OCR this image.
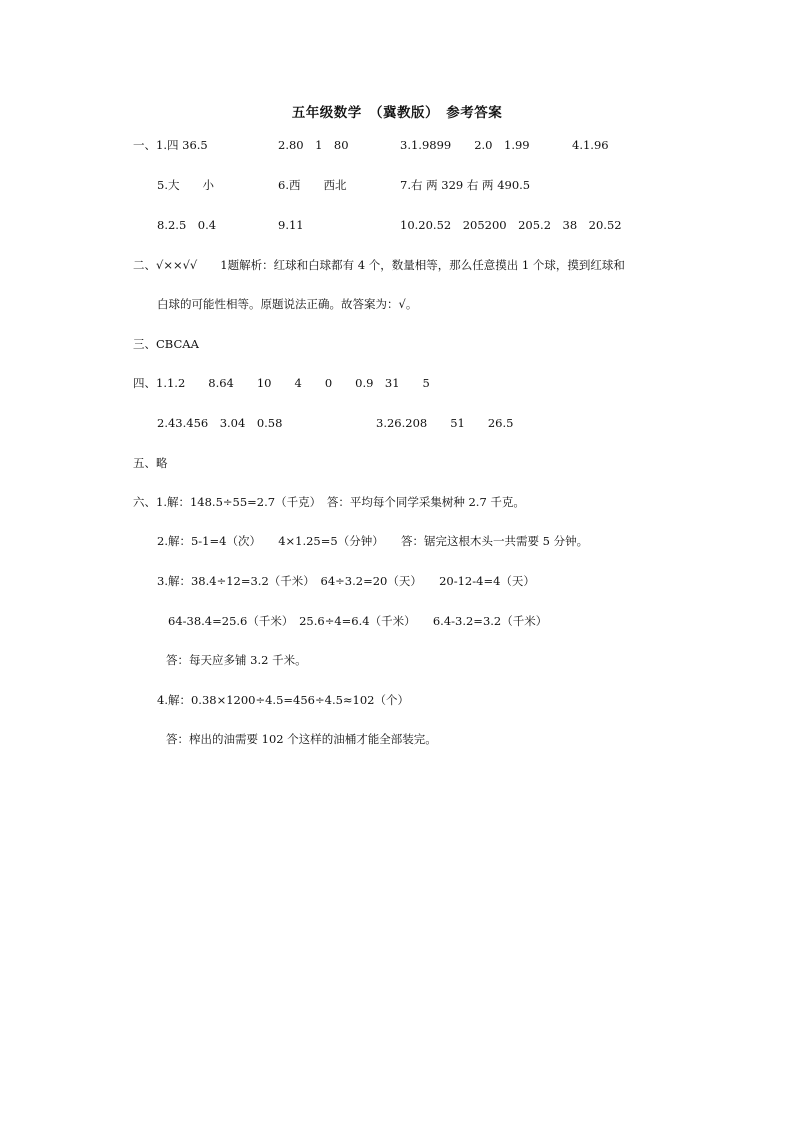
五年级数学　（冀教版）　参考答案
一、1.四 36.5	2.80　1　80	3.1.9899　　2.0　1.99	4.1.96
5.大　　小	6.西　　西北	7.右 两 329 右 两 490.5
8.2.5　0.4	9.11	10.20.52　205200　205.2　38　20.52
二、√××√√　　1题解析：红球和白球都有 4 个，数量相等，那么任意摸出 1 个球，摸到红球和
白球的可能性相等。原题说法正确。故答案为：√。
三、CBCAA
四、1.1.2　　8.64　　10　　4　　0　　0.9　31　　5
2.43.456　3.04　0.58	3.26.208　　51　　26.5
五、略
六、1.解：148.5÷55=2.7（千克）　答：平均每个同学采集树种 2.7 千克。
2.解：5-1=4（次）　　4×1.25=5（分钟）　　答：锯完这根木头一共需要 5 分钟。
3.解：38.4÷12=3.2（千米）　64÷3.2=20（天）　　20-12-4=4（天）
64-38.4=25.6（千米）　25.6÷4=6.4（千米）　　6.4-3.2=3.2（千米）
答：每天应多铺 3.2 千米。
4.解：0.38×1200÷4.5=456÷4.5≈102（个）
答：榨出的油需要 102 个这样的油桶才能全部装完。
